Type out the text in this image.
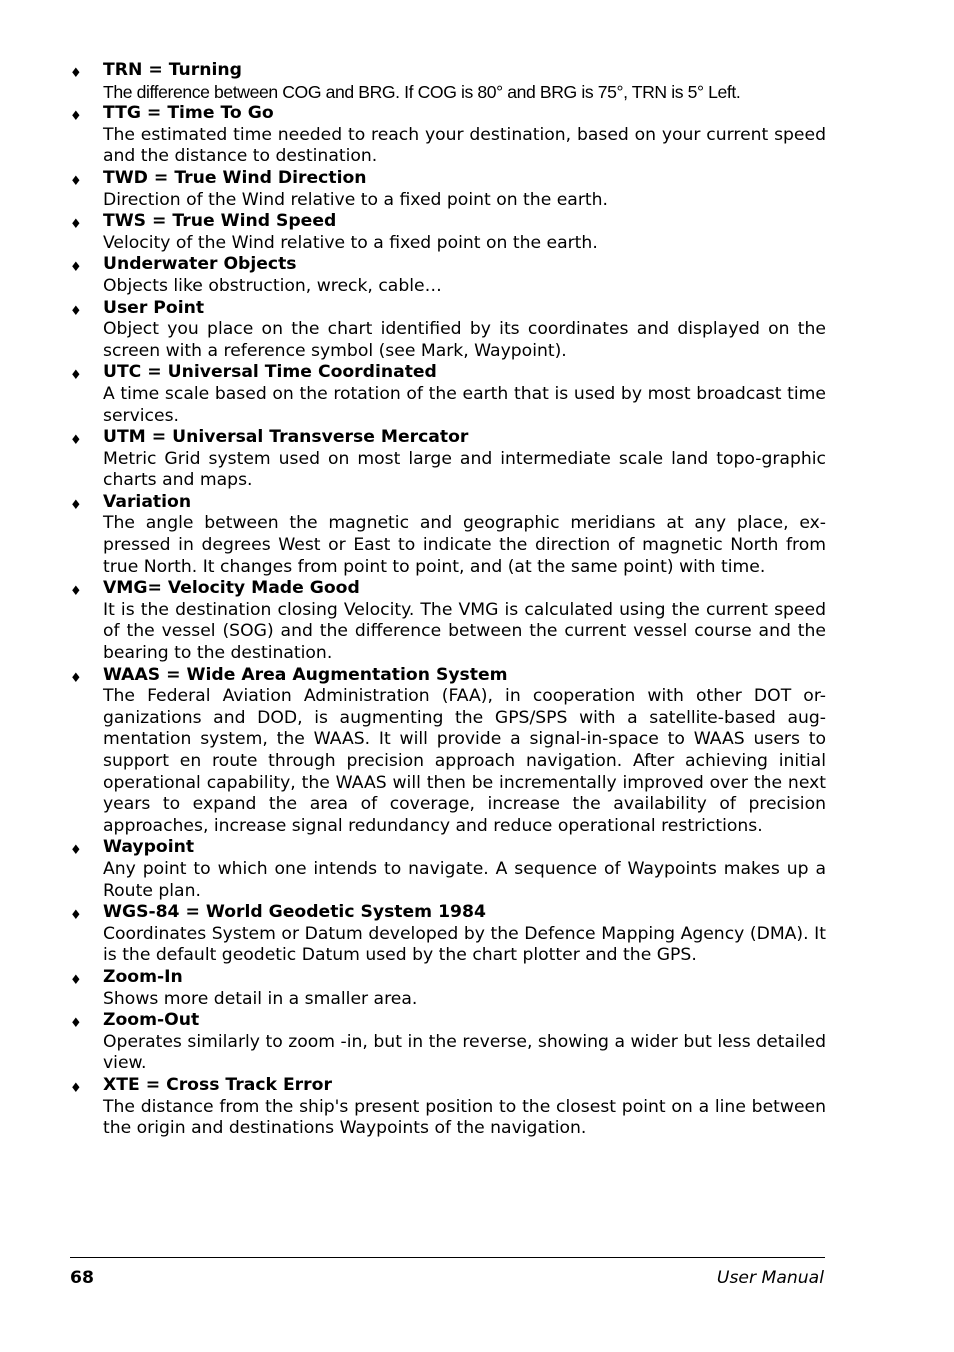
♦ TRN = Turning
The difference between COG and BRG. If COG is 80° and BRG is 75°, TRN is 5° Left.
♦ TTG = Time To Go
The estimated time needed to reach your destination, based on your current speed and the distance to destination.
♦ TWD = True Wind Direction
Direction of the Wind relative to a fixed point on the earth.
♦ TWS = True Wind Speed
Velocity of the Wind relative to a fixed point on the earth.
♦ Underwater Objects
Objects like obstruction, wreck, cable…
♦ User Point
Object you place on the chart identified by its coordinates and displayed on the screen with a reference symbol (see Mark, Waypoint).
♦ UTC = Universal Time Coordinated
A time scale based on the rotation of the earth that is used by most broadcast time services.
♦ UTM = Universal Transverse Mercator
Metric Grid system used on most large and intermediate scale land topo-graphic charts and maps.
♦ Variation
The angle between the magnetic and geographic meridians at any place, ex-pressed in degrees West or East to indicate the direction of magnetic North from true North. It changes from point to point, and (at the same point) with time.
♦ VMG= Velocity Made Good
It is the destination closing Velocity. The VMG is calculated using the current speed of the vessel (SOG) and the difference between the current vessel course and the bearing to the destination.
♦ WAAS = Wide Area Augmentation System
The Federal Aviation Administration (FAA), in cooperation with other DOT or-ganizations and DOD, is augmenting the GPS/SPS with a satellite-based aug-mentation system, the WAAS. It will provide a signal-in-space to WAAS users to support en route through precision approach navigation. After achieving initial operational capability, the WAAS will then be incrementally improved over the next years to expand the area of coverage, increase the availability of precision approaches, increase signal redundancy and reduce operational restrictions.
♦ Waypoint
Any point to which one intends to navigate. A sequence of Waypoints makes up a Route plan.
♦ WGS-84 = World Geodetic System 1984
Coordinates System or Datum developed by the Defence Mapping Agency (DMA). It is the default geodetic Datum used by the chart plotter and the GPS.
♦ Zoom-In
Shows more detail in a smaller area.
♦ Zoom-Out
Operates similarly to zoom -in, but in the reverse, showing a wider but less detailed view.
♦ XTE = Cross Track Error
The distance from the ship's present position to the closest point on a line between the origin and destinations Waypoints of the navigation.
68	User Manual
